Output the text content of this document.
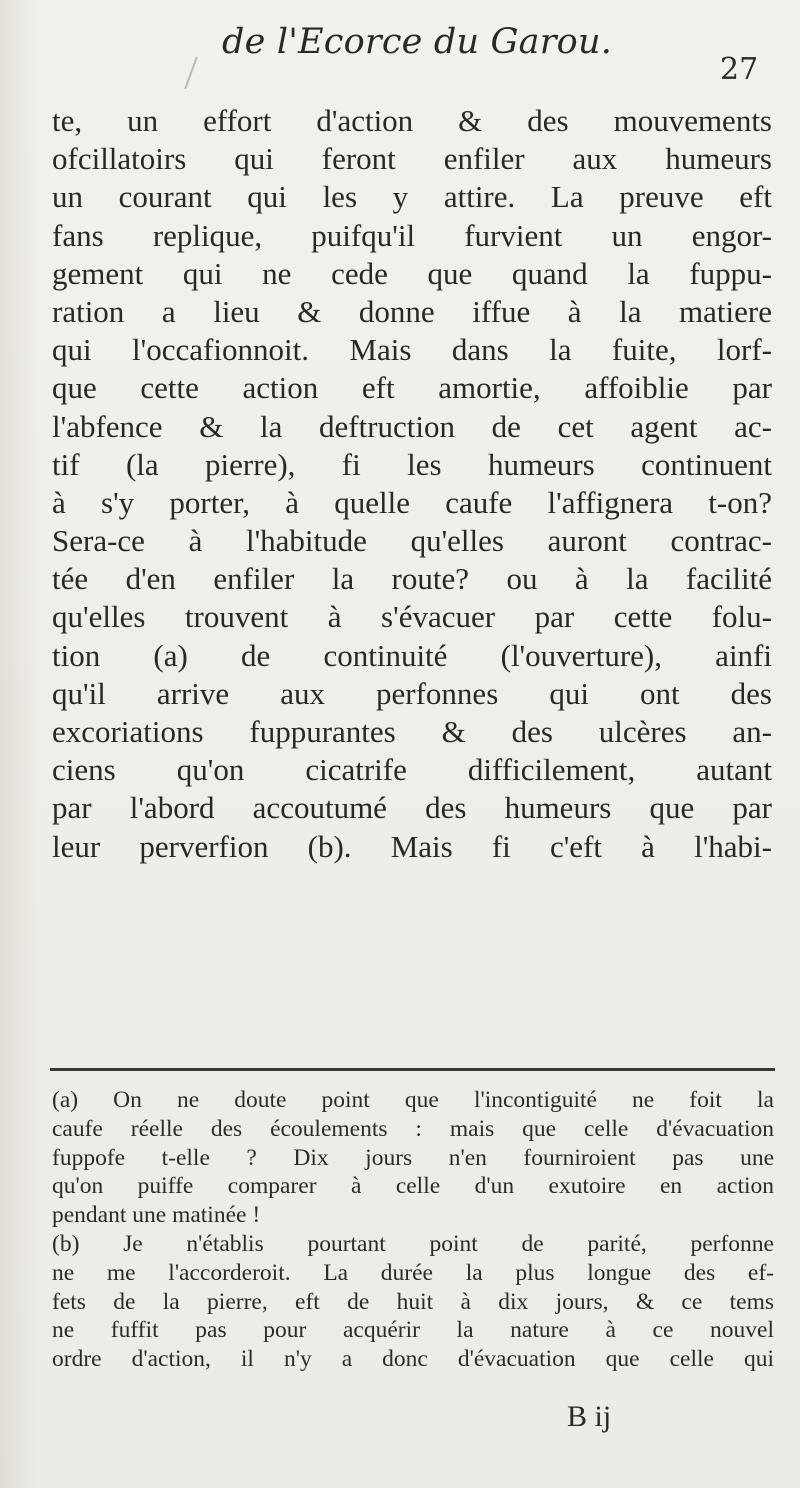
de l'Ecorce du Garou.
27
te, un effort d'action & des mouvements
ofcillatoirs qui feront enfiler aux humeurs
un courant qui les y attire. La preuve eft
fans replique, puifqu'il furvient un engor-
gement qui ne cede que quand la fuppu-
ration a lieu & donne iffue à la matiere
qui l'occafionnoit. Mais dans la fuite, lorf-
que cette action eft amortie, affoiblie par
l'abfence & la deftruction de cet agent ac-
tif (la pierre), fi les humeurs continuent
à s'y porter, à quelle caufe l'affignera t-on?
Sera-ce à l'habitude qu'elles auront contrac-
tée d'en enfiler la route? ou à la facilité
qu'elles trouvent à s'évacuer par cette folu-
tion (a) de continuité (l'ouverture), ainfi
qu'il arrive aux perfonnes qui ont des
excoriations fuppurantes & des ulcères an-
ciens qu'on cicatrife difficilement, autant
par l'abord accoutumé des humeurs que par
leur perverfion (b). Mais fi c'eft à l'habi-
(a) On ne doute point que l'incontiguité ne foit la
caufe réelle des écoulements : mais que celle d'évacuation
fuppofe t-elle ? Dix jours n'en fourniroient pas une
qu'on puiffe comparer à celle d'un exutoire en action
pendant une matinée !
(b) Je n'établis pourtant point de parité, perfonne
ne me l'accorderoit. La durée la plus longue des ef-
fets de la pierre, eft de huit à dix jours, & ce tems
ne fuffit pas pour acquérir la nature à ce nouvel
ordre d'action, il n'y a donc d'évacuation que celle qui
B ij
